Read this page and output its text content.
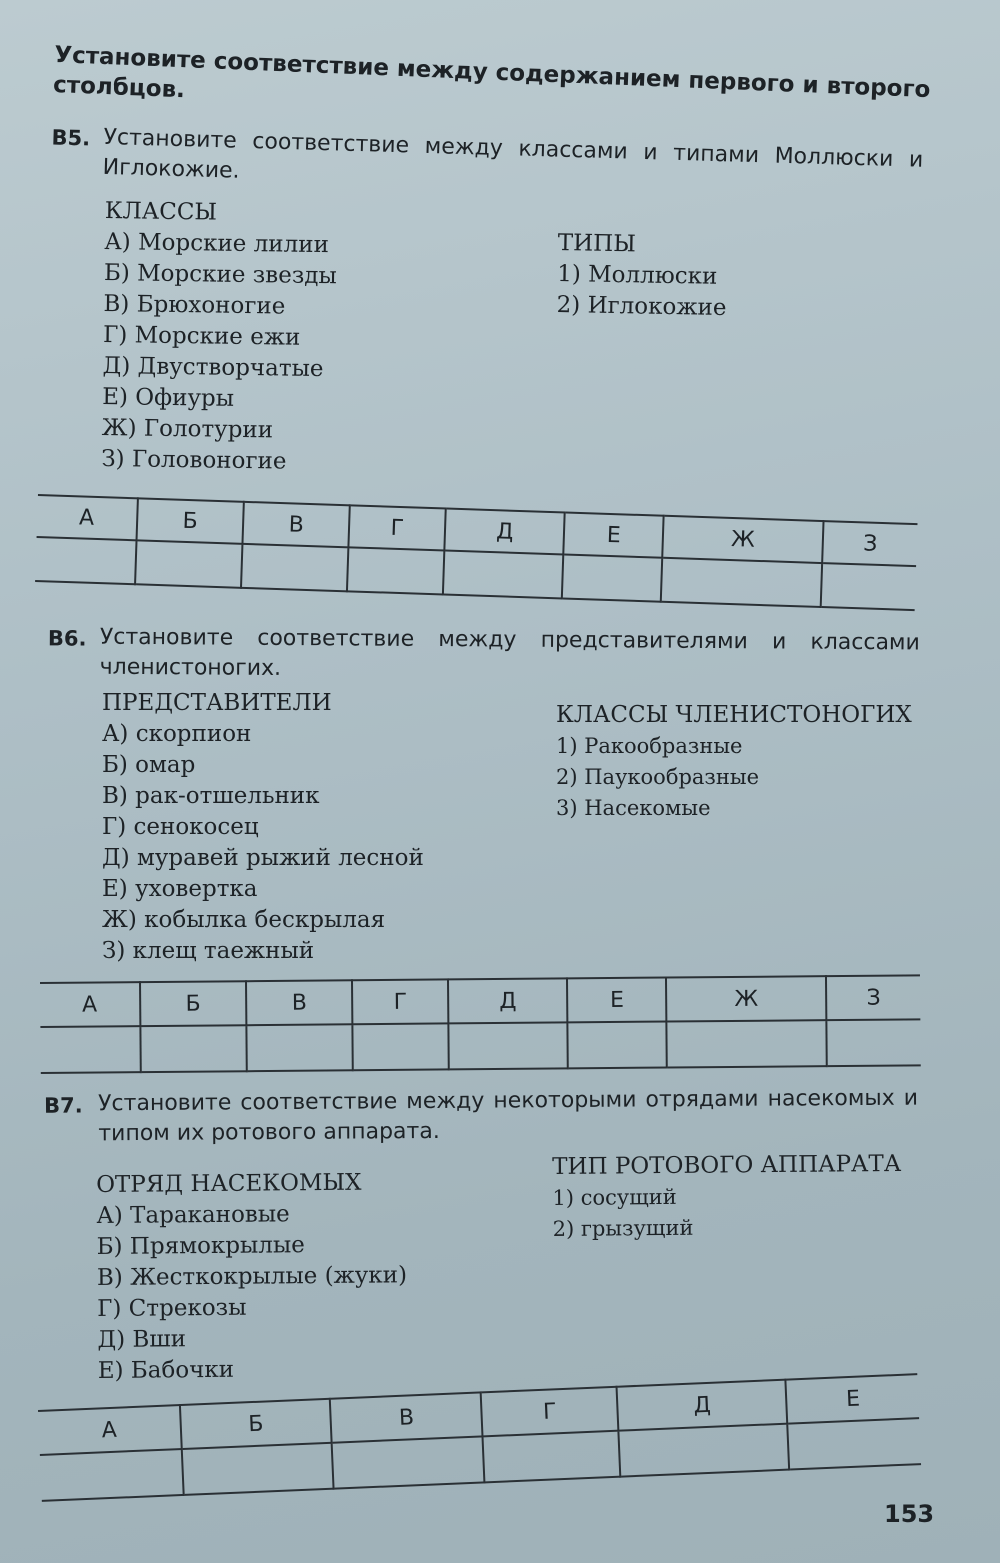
Установите соответствие между содержанием первого и второго столбцов.
B5. Установите соответствие между классами и типами Моллюски и Иглокожие.
КЛАССЫ
А) Морские лилии
Б) Морские звезды
В) Брюхоногие
Г) Морские ежи
Д) Двустворчатые
Е) Офиуры
Ж) Голотурии
З) Головоногие
ТИПЫ
1) Моллюски
2) Иглокожие
А	Б	В	Г	Д	Е	Ж	З

B6. Установите соответствие между представителями и классами членистоногих.
ПРЕДСТАВИТЕЛИ
А) скорпион
Б) омар
В) рак-отшельник
Г) сенокосец
Д) муравей рыжий лесной
Е) уховертка
Ж) кобылка бескрылая
З) клещ таежный
КЛАССЫ ЧЛЕНИСТОНОГИХ
1) Ракообразные
2) Паукообразные
3) Насекомые
А	Б	В	Г	Д	Е	Ж	З

B7. Установите соответствие между некоторыми отрядами насекомых и типом их ротового аппарата.
ОТРЯД НАСЕКОМЫХ
А) Таракановые
Б) Прямокрылые
В) Жесткокрылые (жуки)
Г) Стрекозы
Д) Вши
Е) Бабочки
ТИП РОТОВОГО АППАРАТА
1) сосущий
2) грызущий
А	Б	В	Г	Д	Е

153
